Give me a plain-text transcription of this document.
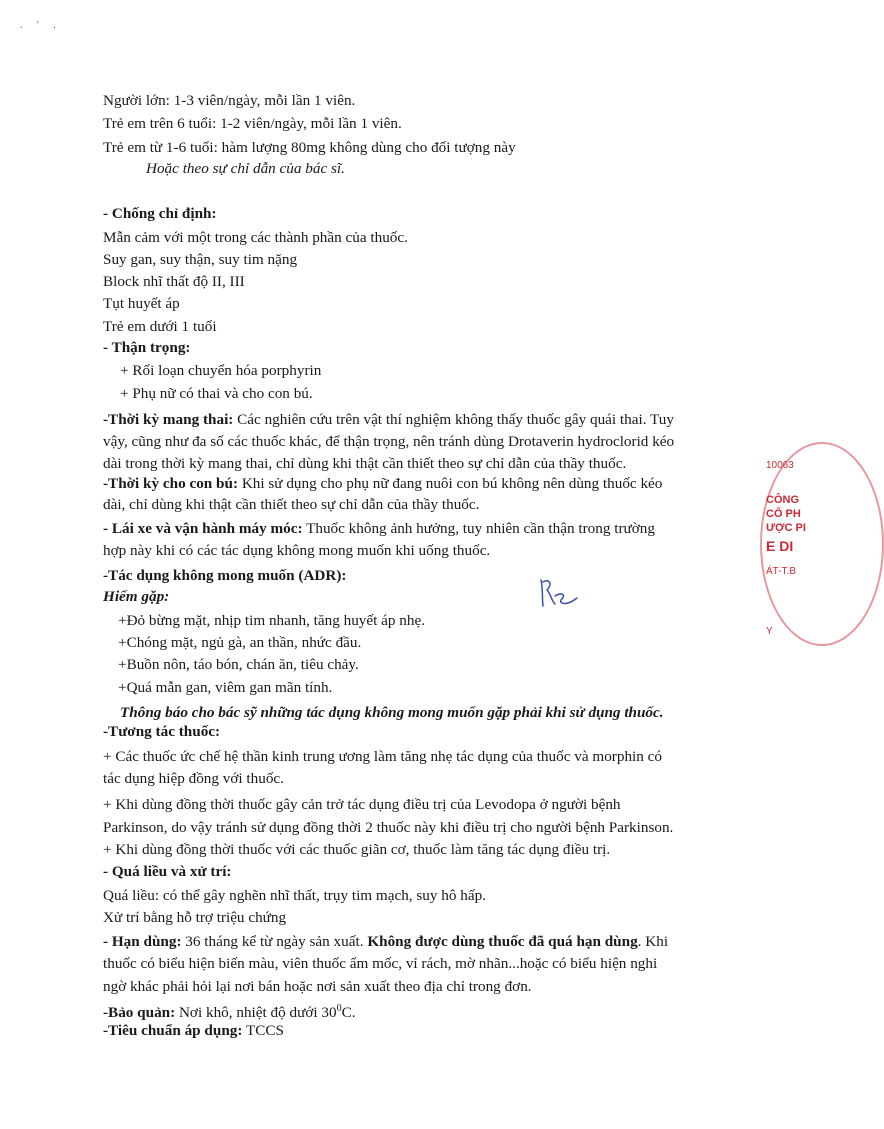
. ' .
Người lớn: 1-3 viên/ngày, mỗi lần 1 viên.
Trẻ em trên 6 tuổi: 1-2 viên/ngày, mỗi lần 1 viên.
Trẻ em từ 1-6 tuổi: hàm lượng 80mg không dùng cho đối tượng này
Hoặc theo sự chỉ dẫn của bác sĩ.
- Chống chỉ định:
Mẫn cảm với một trong các thành phần của thuốc.
Suy gan, suy thận, suy tim nặng
Block nhĩ thất độ II, III
Tụt huyết áp
Trẻ em dưới 1 tuổi
- Thận trọng:
+ Rối loạn chuyển hóa porphyrin
+ Phụ nữ có thai và cho con bú.
-Thời kỳ mang thai: Các nghiên cứu trên vật thí nghiệm không thấy thuốc gây quái thai. Tuy
vậy, cũng như đa số các thuốc khác, để thận trọng, nên tránh dùng Drotaverin hydroclorid kéo
dài trong thời kỳ mang thai, chỉ dùng khi thật cần thiết theo sự chỉ dẫn của thầy thuốc.
-Thời kỳ cho con bú: Khi sử dụng cho phụ nữ đang nuôi con bú không nên dùng thuốc kéo
dài, chỉ dùng khi thật cần thiết theo sự chỉ dẫn của thầy thuốc.
- Lái xe và vận hành máy móc: Thuốc không ảnh hưởng, tuy nhiên cần thận trong trường
hợp này khi có các tác dụng không mong muốn khi uống thuốc.
-Tác dụng không mong muốn (ADR):
Hiếm gặp:
+Đỏ bừng mặt, nhịp tim nhanh, tăng huyết áp nhẹ.
+Chóng mặt, ngủ gà, an thần, nhức đầu.
+Buồn nôn, táo bón, chán ăn, tiêu chảy.
+Quá mẫn gan, viêm gan mãn tính.
Thông báo cho bác sỹ những tác dụng không mong muốn gặp phải khi sử dụng thuốc.
-Tương tác thuốc:
+ Các thuốc ức chế hệ thần kinh trung ương làm tăng nhẹ tác dụng của thuốc và morphin có
tác dụng hiệp đồng với thuốc.
+ Khi dùng đồng thời thuốc gây cản trở tác dụng điều trị của Levodopa ở người bệnh
Parkinson, do vậy tránh sử dụng đồng thời 2 thuốc này khi điều trị cho người bệnh Parkinson.
+ Khi dùng đồng thời thuốc với các thuốc giãn cơ, thuốc làm tăng tác dụng điều trị.
- Quá liều và xử trí:
Quá liều: có thể gây nghẽn nhĩ thất, trụy tim mạch, suy hô hấp.
Xử trí bằng hỗ trợ triệu chứng
- Hạn dùng: 36 tháng kể từ ngày sản xuất. Không được dùng thuốc đã quá hạn dùng. Khi
thuốc có biểu hiện biến màu, viên thuốc ẩm mốc, vỉ rách, mờ nhãn...hoặc có biểu hiện nghi
ngờ khác phải hỏi lại nơi bán hoặc nơi sản xuất theo địa chỉ trong đơn.
-Bảo quản: Nơi khô, nhiệt độ dưới $30^0C$.
-Tiêu chuẩn áp dụng: TCCS
10063
CÔNG
CỔ PH
ƯỢC PI
E DI
ÁT-T.B
Y
